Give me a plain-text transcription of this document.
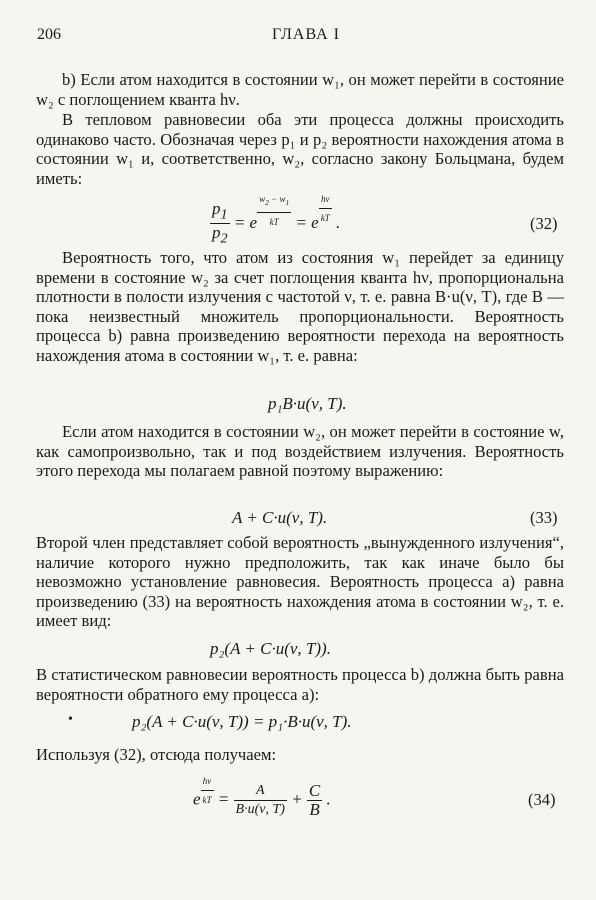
206	ГЛАВА I
b) Если атом находится в состоянии w₁, он может перейти в состояние w₂ с поглощением кванта hν.
В тепловом равновесии оба эти процесса должны происходить одинаково часто. Обозначая через p₁ и p₂ вероятности нахождения атома в состоянии w₁ и, соответственно, w₂, согласно закону Больцмана, будем иметь:
$\frac{p_1}{p_2} = e$ $^{\frac{w_2 - w_1}{kT}}$ = e $^{\frac{h\nu}{kT}}$ .	(32)
Вероятность того, что атом из состояния w₁ перейдет за единицу времени в состояние w₂ за счет поглощения кванта hν, пропорциональна плотности в полости излучения с частотой ν, т. е. равна B·u(ν, T), где B — пока неизвестный множитель пропорциональности. Вероятность процесса b) равна произведению вероятности перехода на вероятность нахождения атома в состоянии w₁, т. е. равна:
p₁B·u(ν, T).
Если атом находится в состоянии w₂, он может перейти в состояние w, как самопроизвольно, так и под воздействием излучения. Вероятность этого перехода мы полагаем равной поэтому выражению:
A + C·u(ν, T).	(33)
Второй член представляет собой вероятность „вынужденного излучения“, наличие которого нужно предположить, так как иначе было бы невозможно установление равновесия. Вероятность процесса а) равна произведению (33) на вероятность нахождения атома в состоянии w₂, т. е. имеет вид:
p₂(A + C·u(ν, T)).
В статистическом равновесии вероятность процесса b) должна быть равна вероятности обратного ему процесса а):
•	p₂(A + C·u(ν, T)) = p₁·B·u(ν, T).
Используя (32), отсюда получаем:
e $^{\frac{h\nu}{kT}} = \frac{A}{B\cdot u(\nu, T)} + \frac{C}{B}$ .	(34)
